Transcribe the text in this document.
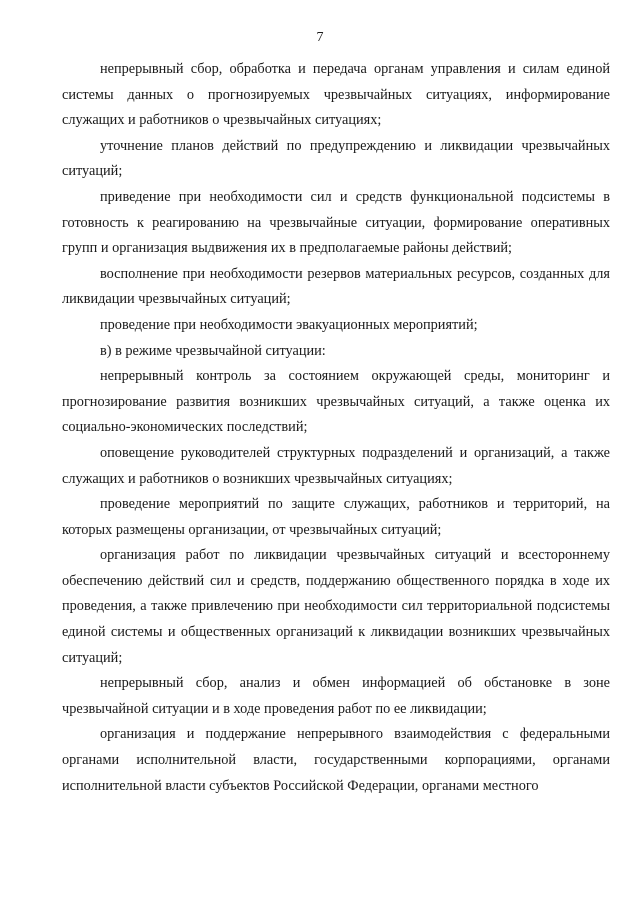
7

непрерывный сбор, обработка и передача органам управления и силам единой системы данных о прогнозируемых чрезвычайных ситуациях, информирование служащих и работников о чрезвычайных ситуациях;

уточнение планов действий по предупреждению и ликвидации чрезвычайных ситуаций;

приведение при необходимости сил и средств функциональной подсистемы в готовность к реагированию на чрезвычайные ситуации, формирование оперативных групп и организация выдвижения их в предполагаемые районы действий;

восполнение при необходимости резервов материальных ресурсов, созданных для ликвидации чрезвычайных ситуаций;

проведение при необходимости эвакуационных мероприятий;

в) в режиме чрезвычайной ситуации:

непрерывный контроль за состоянием окружающей среды, мониторинг и прогнозирование развития возникших чрезвычайных ситуаций, а также оценка их социально-экономических последствий;

оповещение руководителей структурных подразделений и организаций, а также служащих и работников о возникших чрезвычайных ситуациях;

проведение мероприятий по защите служащих, работников и территорий, на которых размещены организации, от чрезвычайных ситуаций;

организация работ по ликвидации чрезвычайных ситуаций и всестороннему обеспечению действий сил и средств, поддержанию общественного порядка в ходе их проведения, а также привлечению при необходимости сил территориальной подсистемы единой системы и общественных организаций к ликвидации возникших чрезвычайных ситуаций;

непрерывный сбор, анализ и обмен информацией об обстановке в зоне чрезвычайной ситуации и в ходе проведения работ по ее ликвидации;

организация и поддержание непрерывного взаимодействия с федеральными органами исполнительной власти, государственными корпорациями, органами исполнительной власти субъектов Российской Федерации, органами местного
